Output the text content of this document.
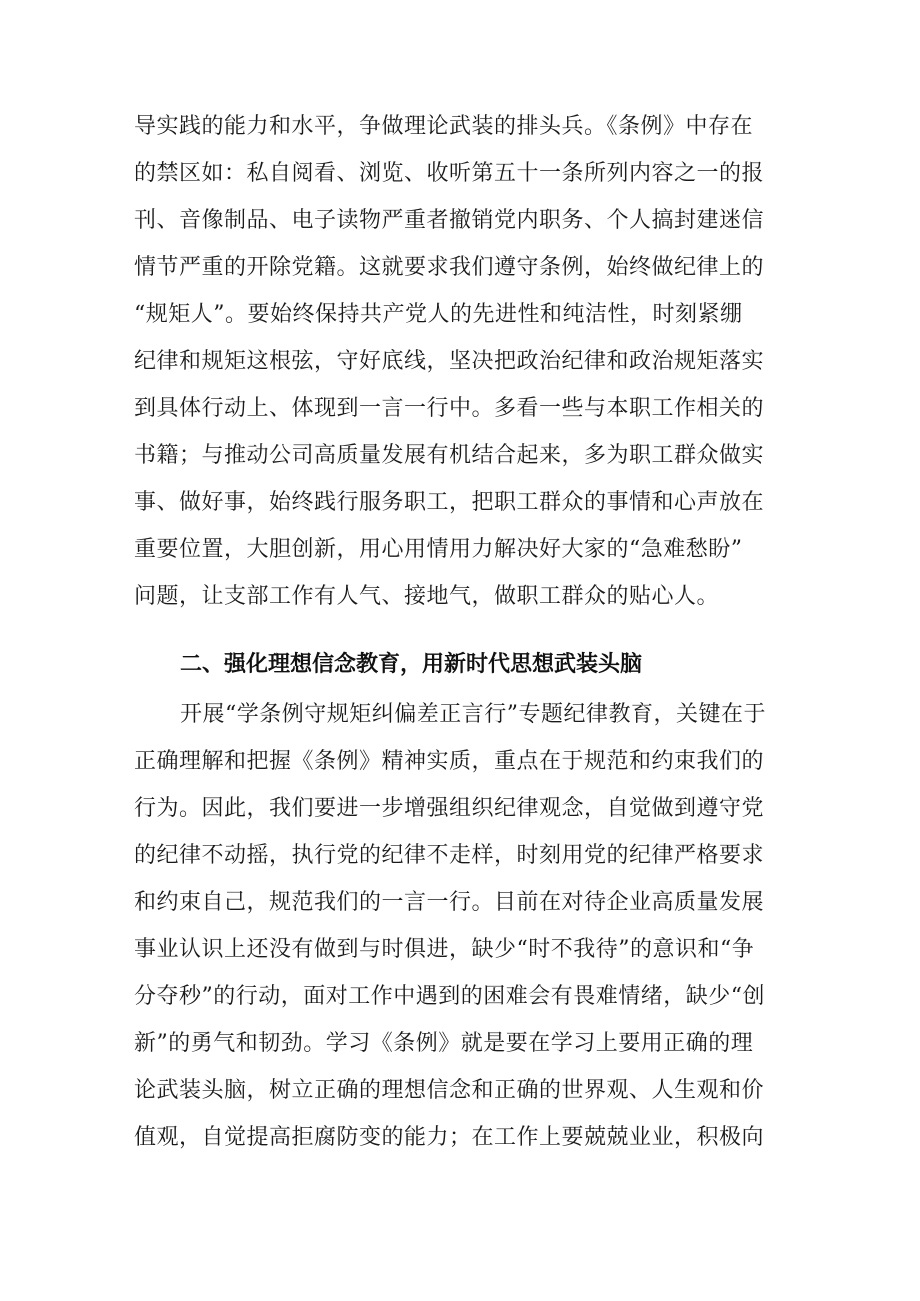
导实践的能力和水平，争做理论武装的排头兵。《条例》中存在
的禁区如：私自阅看、浏览、收听第五十一条所列内容之一的报
刊、音像制品、电子读物严重者撤销党内职务、个人搞封建迷信
情节严重的开除党籍。这就要求我们遵守条例，始终做纪律上的
“规矩人”。要始终保持共产党人的先进性和纯洁性，时刻紧绷
纪律和规矩这根弦，守好底线，坚决把政治纪律和政治规矩落实
到具体行动上、体现到一言一行中。多看一些与本职工作相关的
书籍；与推动公司高质量发展有机结合起来，多为职工群众做实
事、做好事，始终践行服务职工，把职工群众的事情和心声放在
重要位置，大胆创新，用心用情用力解决好大家的“急难愁盼”
问题，让支部工作有人气、接地气，做职工群众的贴心人。
二、强化理想信念教育，用新时代思想武装头脑
开展“学条例守规矩纠偏差正言行”专题纪律教育，关键在于
正确理解和把握《条例》精神实质，重点在于规范和约束我们的
行为。因此，我们要进一步增强组织纪律观念，自觉做到遵守党
的纪律不动摇，执行党的纪律不走样，时刻用党的纪律严格要求
和约束自己，规范我们的一言一行。目前在对待企业高质量发展
事业认识上还没有做到与时俱进，缺少“时不我待”的意识和“争
分夺秒”的行动，面对工作中遇到的困难会有畏难情绪，缺少“创
新”的勇气和韧劲。学习《条例》就是要在学习上要用正确的理
论武装头脑，树立正确的理想信念和正确的世界观、人生观和价
值观，自觉提高拒腐防变的能力；在工作上要兢兢业业，积极向
